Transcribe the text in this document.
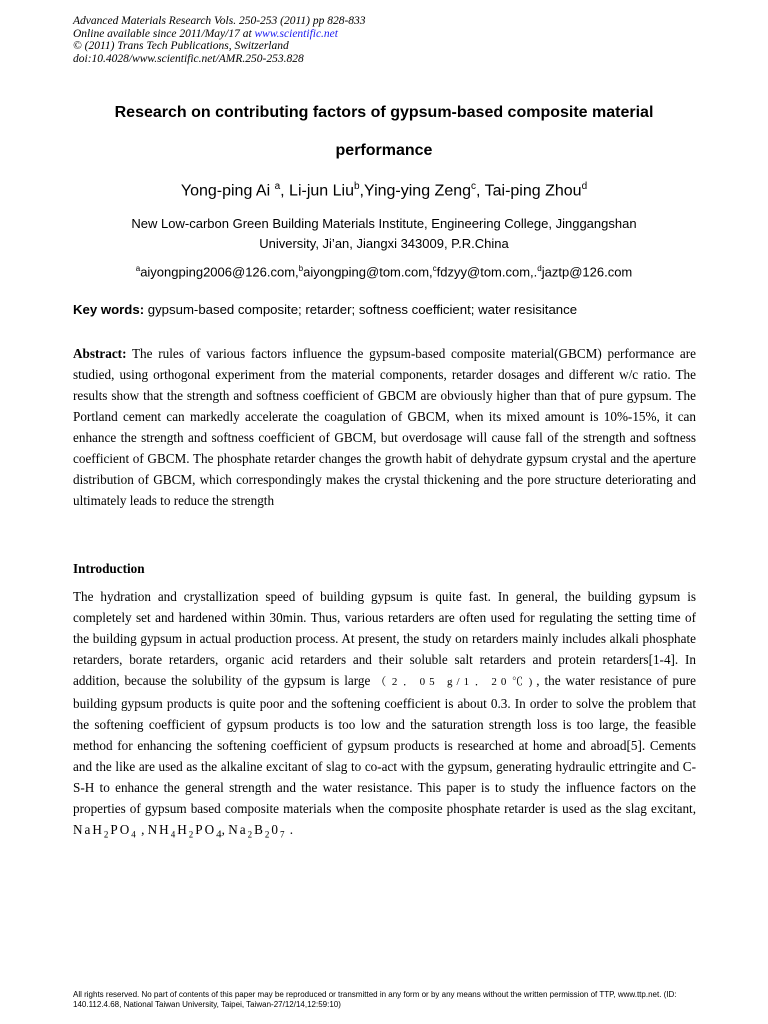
Advanced Materials Research Vols. 250-253 (2011) pp 828-833
Online available since 2011/May/17 at www.scientific.net
© (2011) Trans Tech Publications, Switzerland
doi:10.4028/www.scientific.net/AMR.250-253.828
Research on contributing factors of gypsum-based composite material
performance
Yong-ping Ai $^a$, Li-jun Liu$^b$,Ying-ying Zeng$^c$, Tai-ping Zhou$^d$
New Low-carbon Green Building Materials Institute, Engineering College, Jinggangshan
University, Ji’an, Jiangxi 343009, P.R.China
$^a$aiyongping2006@126.com,$^b$aiyongping@tom.com,$^c$fdzyy@tom.com,.$^d$jaztp@126.com
Key words: gypsum-based composite; retarder; softness coefficient; water resisitance
Abstract: The rules of various factors influence the gypsum-based composite material(GBCM) performance are studied, using orthogonal experiment from the material components, retarder dosages and different w/c ratio. The results show that the strength and softness coefficient of GBCM are obviously higher than that of pure gypsum. The Portland cement can markedly accelerate the coagulation of GBCM, when its mixed amount is 10%-15%, it can enhance the strength and softness coefficient of GBCM, but overdosage will cause fall of the strength and softness coefficient of GBCM. The phosphate retarder changes the growth habit of dehydrate gypsum crystal and the aperture distribution of GBCM, which correspondingly makes the crystal thickening and the pore structure deteriorating and ultimately leads to reduce the strength
Introduction
The hydration and crystallization speed of building gypsum is quite fast. In general, the building gypsum is completely set and hardened within 30min. Thus, various retarders are often used for regulating the setting time of the building gypsum in actual production process. At present, the study on retarders mainly includes alkali phosphate retarders, borate retarders, organic acid retarders and their soluble salt retarders and protein retarders[1-4]. In addition, because the solubility of the gypsum is large （2．05 g/1．20℃), the water resistance of pure building gypsum products is quite poor and the softening coefficient is about 0.3. In order to solve the problem that the softening coefficient of gypsum products is too low and the saturation strength loss is too large, the feasible method for enhancing the softening coefficient of gypsum products is researched at home and abroad[5]. Cements and the like are used as the alkaline excitant of slag to co-act with the gypsum, generating hydraulic ettringite and C-S-H to enhance the general strength and the water resistance. This paper is to study the influence factors on the properties of gypsum based composite materials when the composite phosphate retarder is used as the slag excitant, $NaH_2PO_4$ , $NH_4H_2PO_4$, $Na_2B_20_7$ .
All rights reserved. No part of contents of this paper may be reproduced or transmitted in any form or by any means without the written permission of TTP, www.ttp.net. (ID: 140.112.4.68, National Taiwan University, Taipei, Taiwan-27/12/14,12:59:10)
